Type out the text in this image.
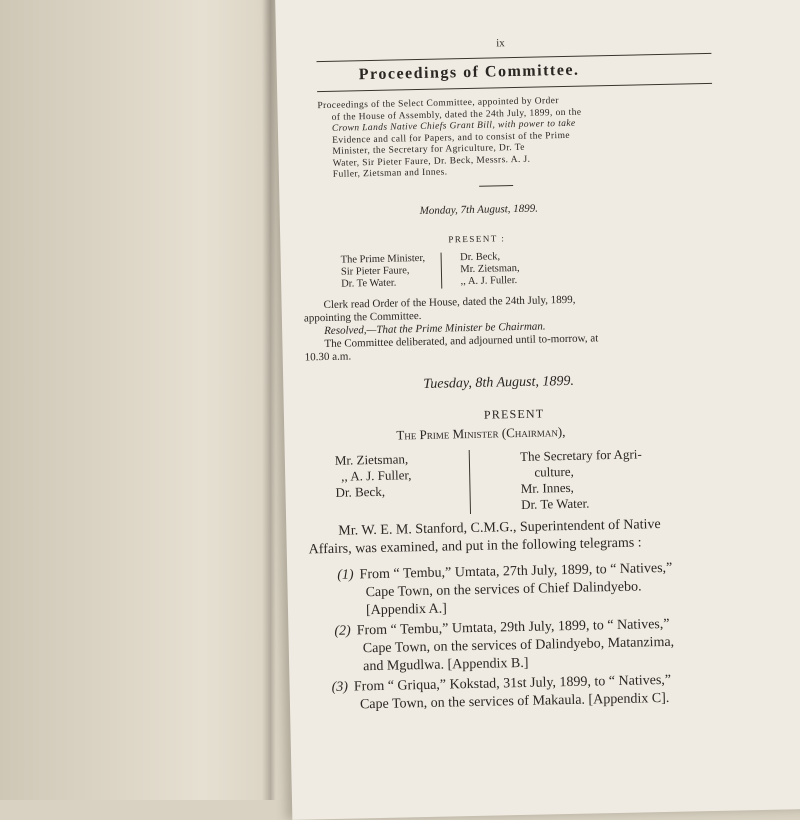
ix
Proceedings of Committee.
Proceedings of the Select Committee, appointed by Order
of the House of Assembly, dated the 24th July, 1899, on the
Crown Lands Native Chiefs Grant Bill, with power to take
Evidence and call for Papers, and to consist of the Prime
Minister, the Secretary for Agriculture, Dr. Te
Water, Sir Pieter Faure, Dr. Beck, Messrs. A. J.
Fuller, Zietsman and Innes.
Monday, 7th August, 1899.
PRESENT :
The Prime Minister,
Sir Pieter Faure,
Dr. Te Water.
Dr. Beck,
Mr. Zietsman,
,, A. J. Fuller.
Clerk read Order of the House, dated the 24th July, 1899,
appointing the Committee.
Resolved,—That the Prime Minister be Chairman.
The Committee deliberated, and adjourned until to-morrow, at
10.30 a.m.
Tuesday, 8th August, 1899.
PRESENT
The Prime Minister (Chairman),
Mr. Zietsman,
,, A. J. Fuller,
Dr. Beck,
The Secretary for Agri-
culture,
Mr. Innes,
Dr. Te Water.
Mr. W. E. M. Stanford, C.M.G., Superintendent of Native
Affairs, was examined, and put in the following telegrams :
(1) From “ Tembu,” Umtata, 27th July, 1899, to “ Natives,”
Cape Town, on the services of Chief Dalindyebo.
[Appendix A.]
(2) From “ Tembu,” Umtata, 29th July, 1899, to “ Natives,”
Cape Town, on the services of Dalindyebo, Matanzima,
and Mgudlwa. [Appendix B.]
(3) From “ Griqua,” Kokstad, 31st July, 1899, to “ Natives,”
Cape Town, on the services of Makaula. [Appendix C].
